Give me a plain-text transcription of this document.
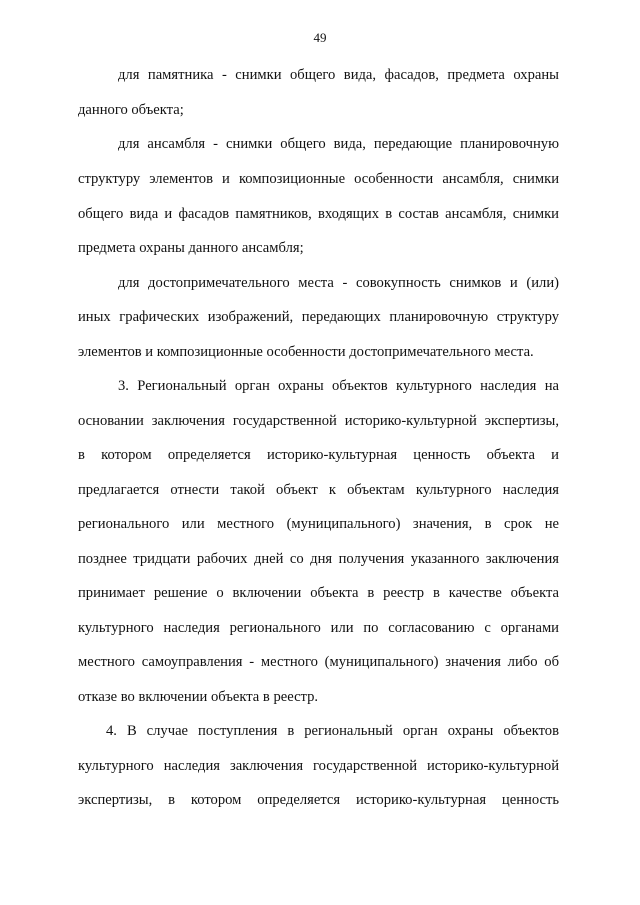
49
для памятника - снимки общего вида, фасадов, предмета охраны
данного объекта;
для ансамбля - снимки общего вида, передающие планировочную
структуру элементов и композиционные особенности ансамбля, снимки
общего вида и фасадов памятников, входящих в состав ансамбля, снимки
предмета охраны данного ансамбля;
для достопримечательного места - совокупность снимков и (или)
иных графических изображений, передающих планировочную структуру
элементов и композиционные особенности достопримечательного места.
3. Региональный орган охраны объектов культурного наследия на
основании заключения государственной историко-культурной экспертизы,
в котором определяется историко-культурная ценность объекта и
предлагается отнести такой объект к объектам культурного наследия
регионального или местного (муниципального) значения, в срок не
позднее тридцати рабочих дней со дня получения указанного заключения
принимает решение о включении объекта в реестр в качестве объекта
культурного наследия регионального или по согласованию с органами
местного самоуправления - местного (муниципального) значения либо об
отказе во включении объекта в реестр.
4. В случае поступления в региональный орган охраны объектов
культурного наследия заключения государственной историко-культурной
экспертизы, в котором определяется историко-культурная ценность
